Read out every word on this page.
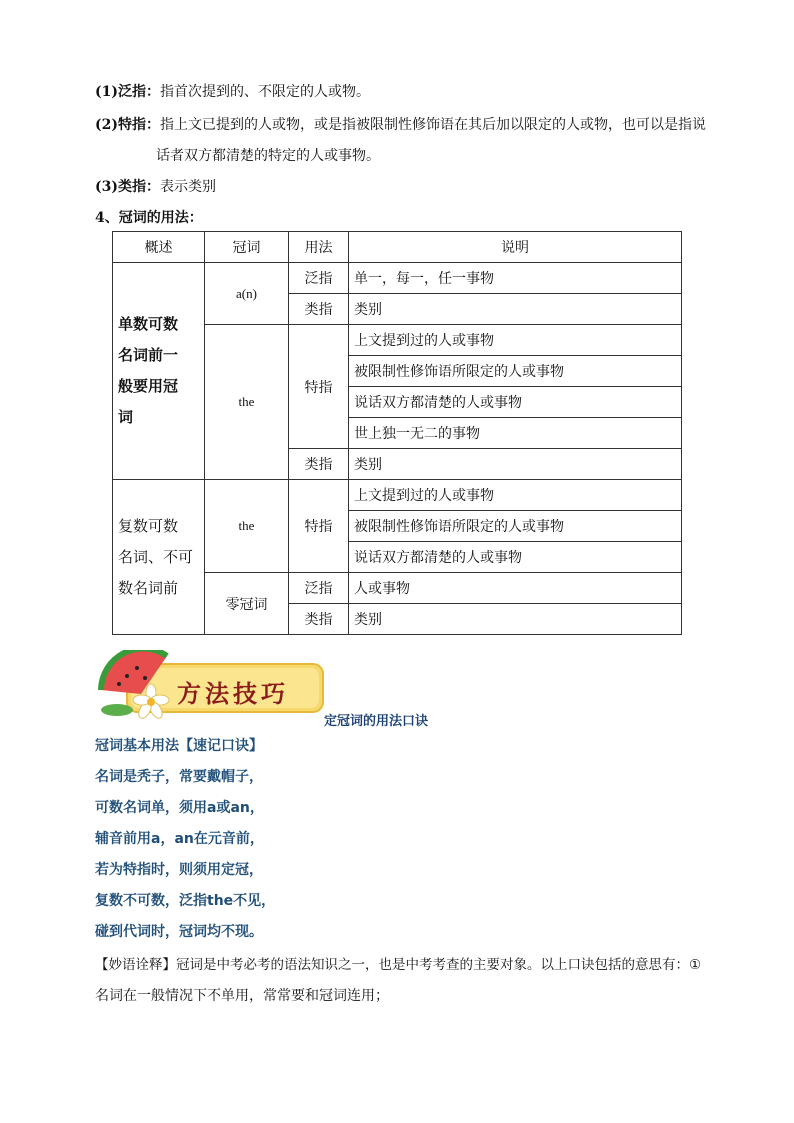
(1)泛指：指首次提到的、不限定的人或物。
(2)特指：指上文已提到的人或物，或是指被限制性修饰语在其后加以限定的人或物，也可以是指说
话者双方都清楚的特定的人或事物。
(3)类指：表示类别
4、冠词的用法：
概述	冠词	用法	说明

单数可数
名词前一
般要用冠
词	a(n)	泛指	单一，每一，任一事物
		类指	类别
	the	特指	上文提到过的人或事物
			被限制性修饰语所限定的人或事物
			说话双方都清楚的人或事物
			世上独一无二的事物
		类指	类别

复数可数
名词、不可
数名词前	the	特指	上文提到过的人或事物
			被限制性修饰语所限定的人或事物
			说话双方都清楚的人或事物
	零冠词	泛指	人或事物
		类指	类别
方法技巧
定冠词的用法口诀
冠词基本用法【速记口诀】
名词是秃子，常要戴帽子，
可数名词单，须用a或an，
辅音前用a，an在元音前，
若为特指时，则须用定冠，
复数不可数，泛指the不见，
碰到代词时，冠词均不现。
【妙语诠释】冠词是中考必考的语法知识之一，也是中考考查的主要对象。以上口诀包括的意思有：①
名词在一般情况下不单用，常常要和冠词连用；
